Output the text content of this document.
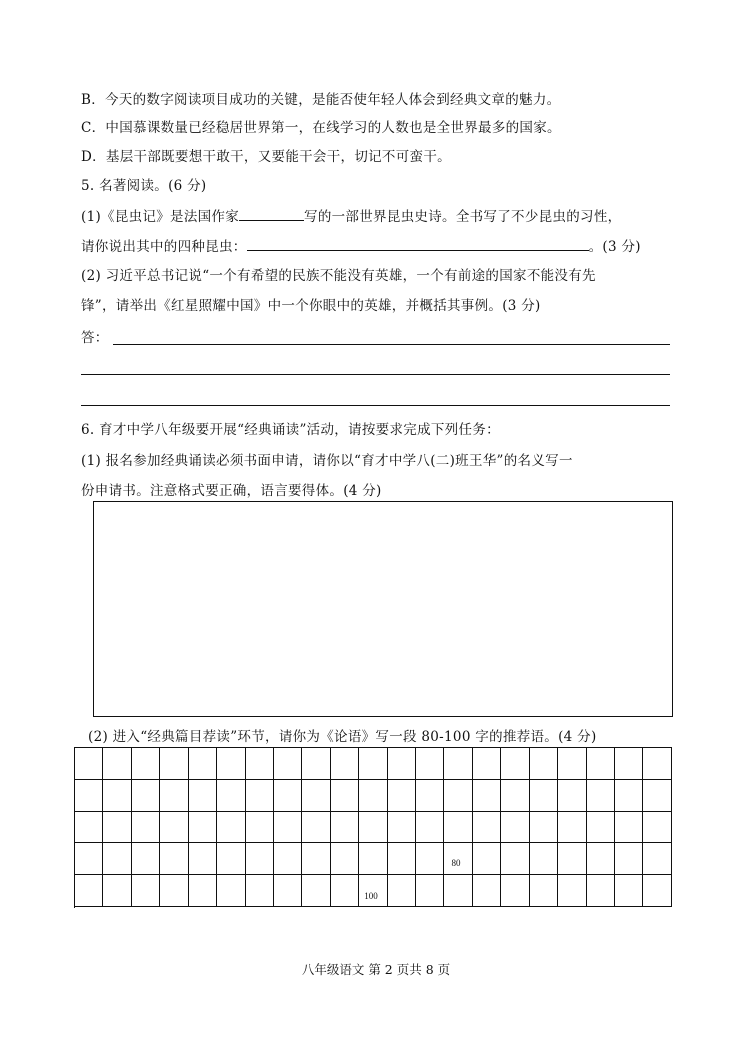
B．今天的数字阅读项目成功的关键，是能否使年轻人体会到经典文章的魅力。
C．中国慕课数量已经稳居世界第一，在线学习的人数也是全世界最多的国家。
D．基层干部既要想干敢干，又要能干会干，切记不可蛮干。
5. 名著阅读。(6 分)
(1)《昆虫记》是法国作家	写的一部世界昆虫史诗。全书写了不少昆虫的习性，
请你说出其中的四种昆虫：	。(3 分)
(2) 习近平总书记说“一个有希望的民族不能没有英雄，一个有前途的国家不能没有先
锋”，请举出《红星照耀中国》中一个你眼中的英雄，并概括其事例。(3 分)
答：
6. 育才中学八年级要开展“经典诵读”活动，请按要求完成下列任务：
(1) 报名参加经典诵读必须书面申请，请你以“育才中学八(二)班王华”的名义写一
份申请书。注意格式要正确，语言要得体。(4 分)
(2) 进入“经典篇目荐读”环节，请你为《论语》写一段 80-100 字的推荐语。(4 分)
80
100
八年级语文 第 2 页共 8 页
